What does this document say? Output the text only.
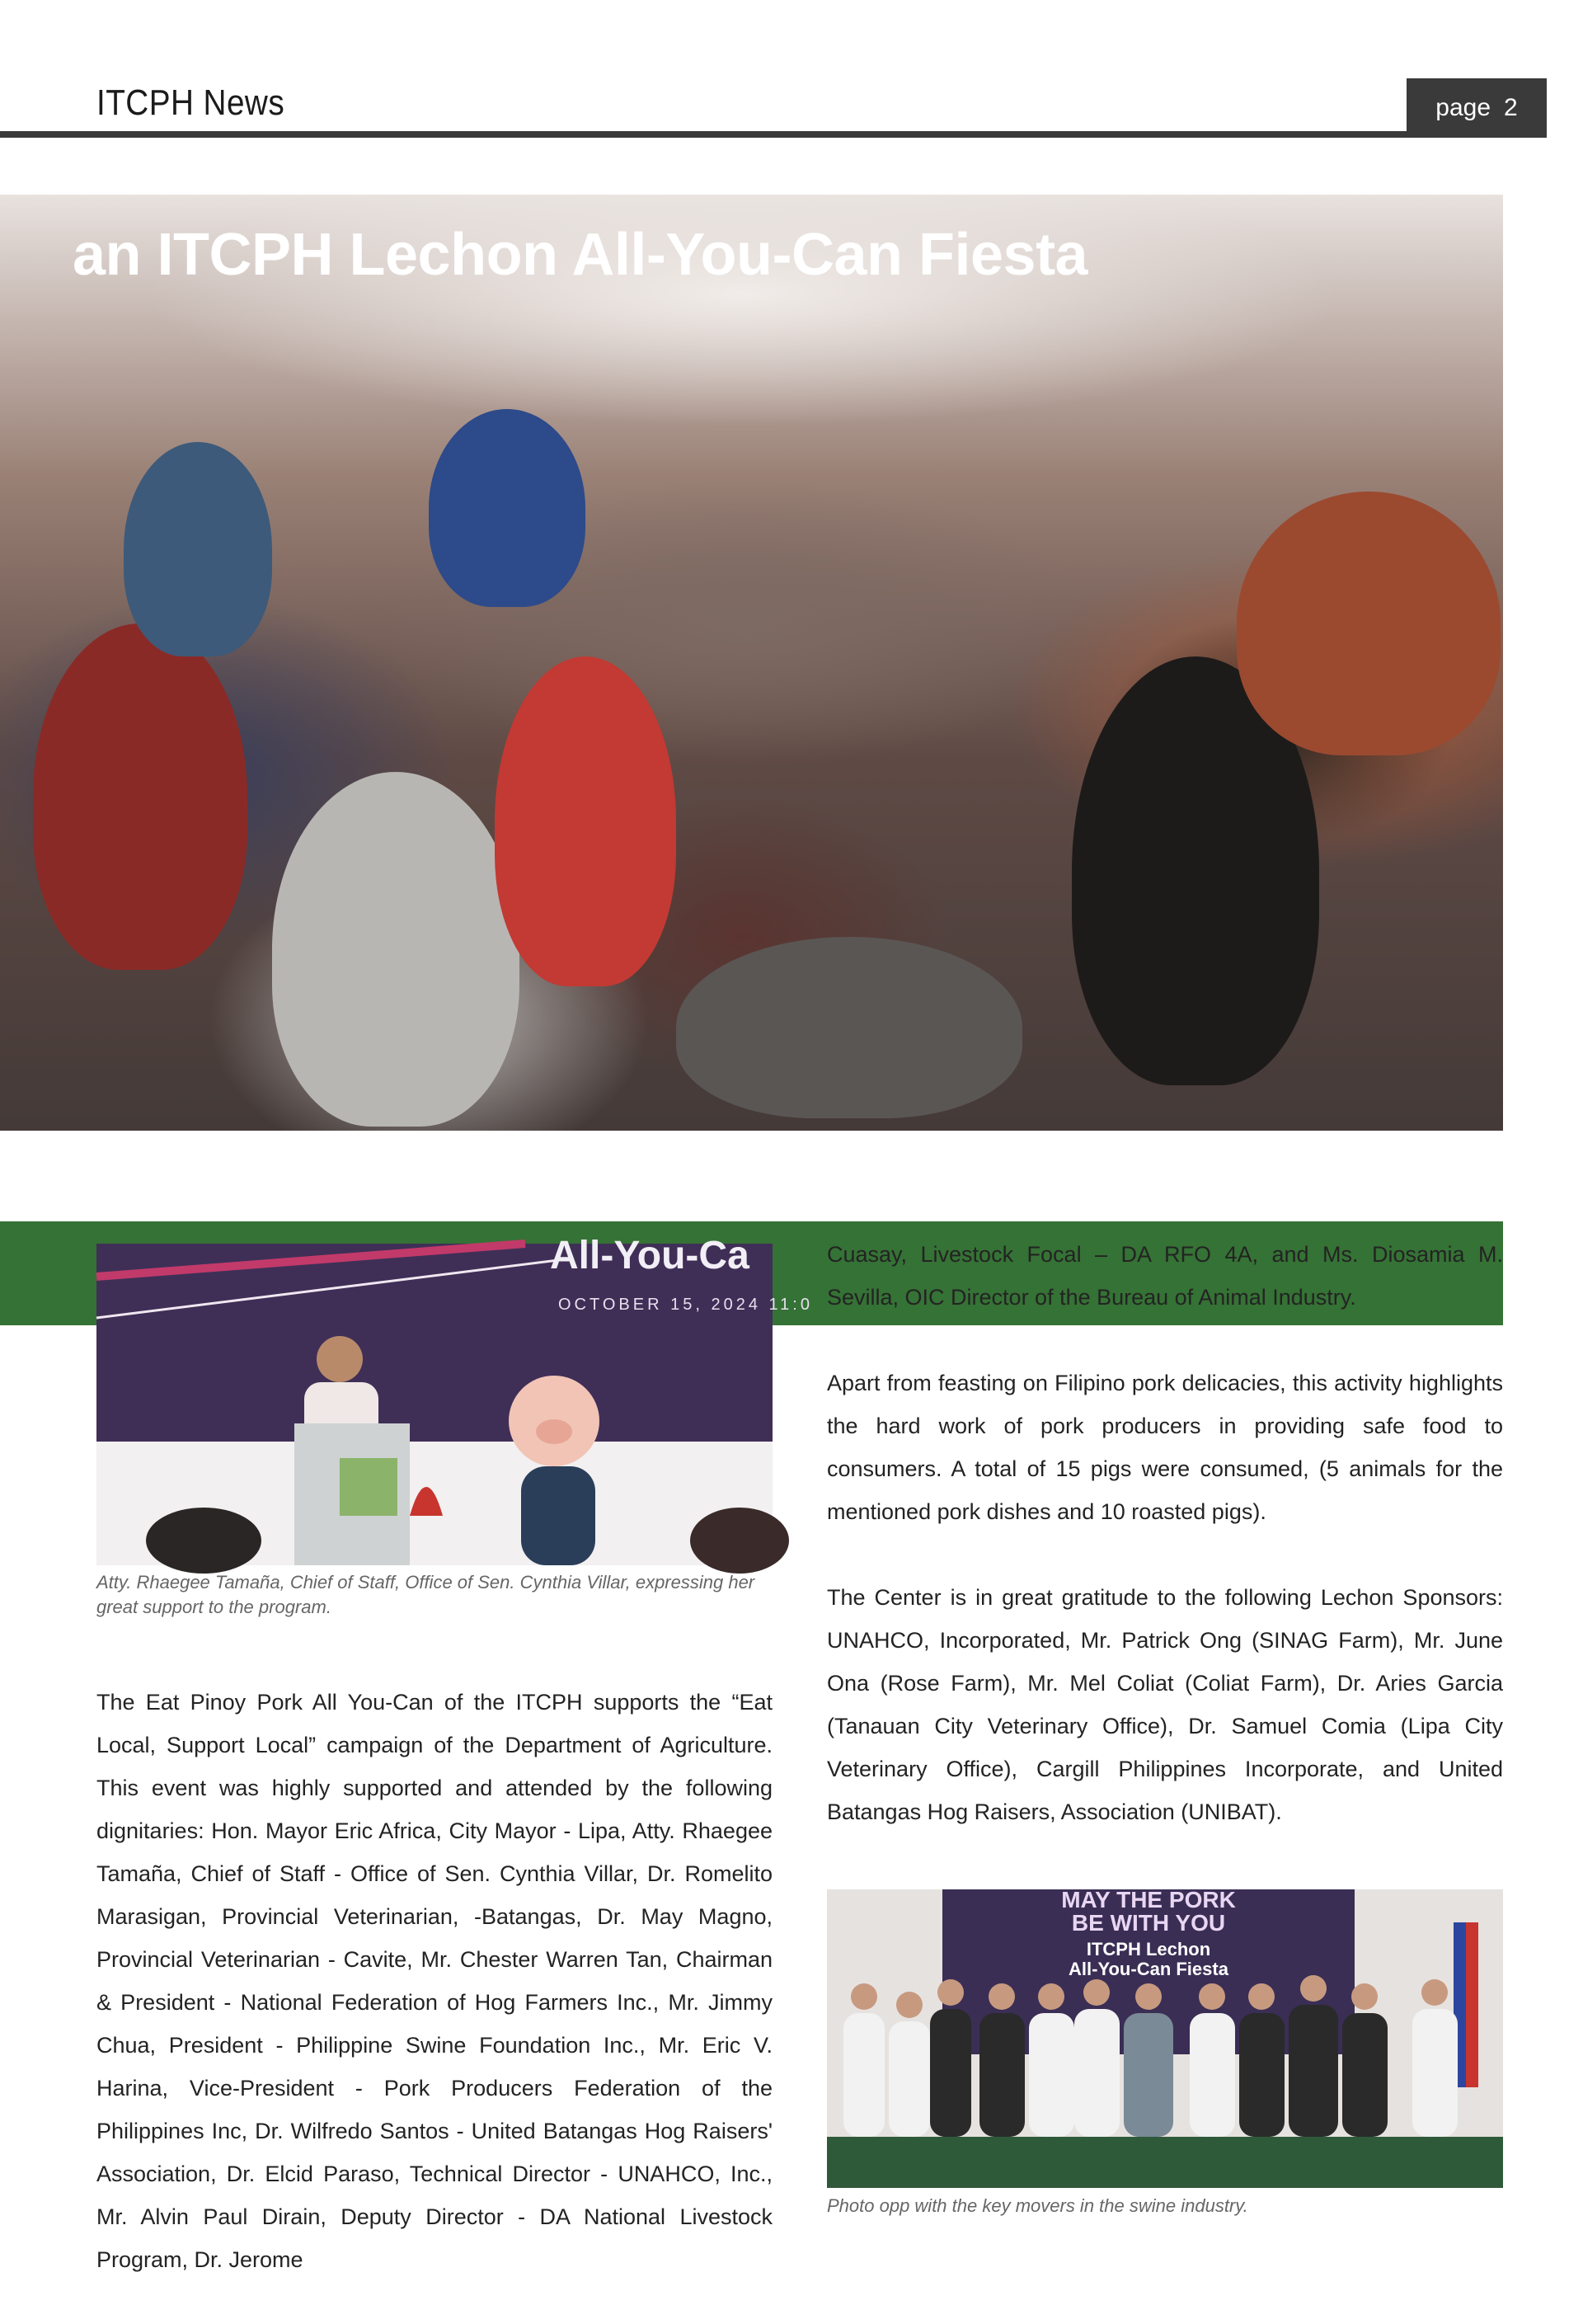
ITCPH News	page 2
an ITCPH Lechon All-You-Can Fiesta
All-You-Ca
OCTOBER 15, 2024 11:0
Atty. Rhaegee Tamaña, Chief of Staff, Office of Sen. Cynthia Villar, expressing her great support to the program.

The Eat Pinoy Pork All You-Can of the ITCPH supports the “Eat Local, Support Local” campaign of the Department of Agriculture. This event was highly supported and attended by the following dignitaries: Hon. Mayor Eric Africa, City Mayor - Lipa, Atty. Rhaegee Tamaña, Chief of Staff - Office of Sen. Cynthia Villar, Dr. Romelito Marasigan, Provincial Veterinarian, -Batangas, Dr. May Magno, Provincial Veterinarian - Cavite, Mr. Chester Warren Tan, Chairman & President - National Federation of Hog Farmers Inc., Mr. Jimmy Chua, President - Philippine Swine Foundation Inc., Mr. Eric V. Harina, Vice-President - Pork Producers Federation of the Philippines Inc, Dr. Wilfredo Santos - United Batangas Hog Raisers' Association, Dr. Elcid Paraso, Technical Director - UNAHCO, Inc., Mr. Alvin Paul Dirain, Deputy Director - DA National Livestock Program, Dr. Jerome

Cuasay, Livestock Focal – DA RFO 4A, and Ms. Diosamia M. Sevilla, OIC Director of the Bureau of Animal Industry.

Apart from feasting on Filipino pork delicacies, this activity highlights the hard work of pork producers in providing safe food to consumers. A total of 15 pigs were consumed, (5 animals for the mentioned pork dishes and 10 roasted pigs).

The Center is in great gratitude to the following Lechon Sponsors: UNAHCO, Incorporated, Mr. Patrick Ong (SINAG Farm), Mr. June Ona (Rose Farm), Mr. Mel Coliat (Coliat Farm), Dr. Aries Garcia (Tanauan City Veterinary Office), Dr. Samuel Comia (Lipa City Veterinary Office), Cargill Philippines Incorporate, and United Batangas Hog Raisers, Association (UNIBAT).

MAY THE PORK
BE WITH YOU
ITCPH Lechon
All-You-Can Fiesta
Photo opp with the key movers in the swine industry.
